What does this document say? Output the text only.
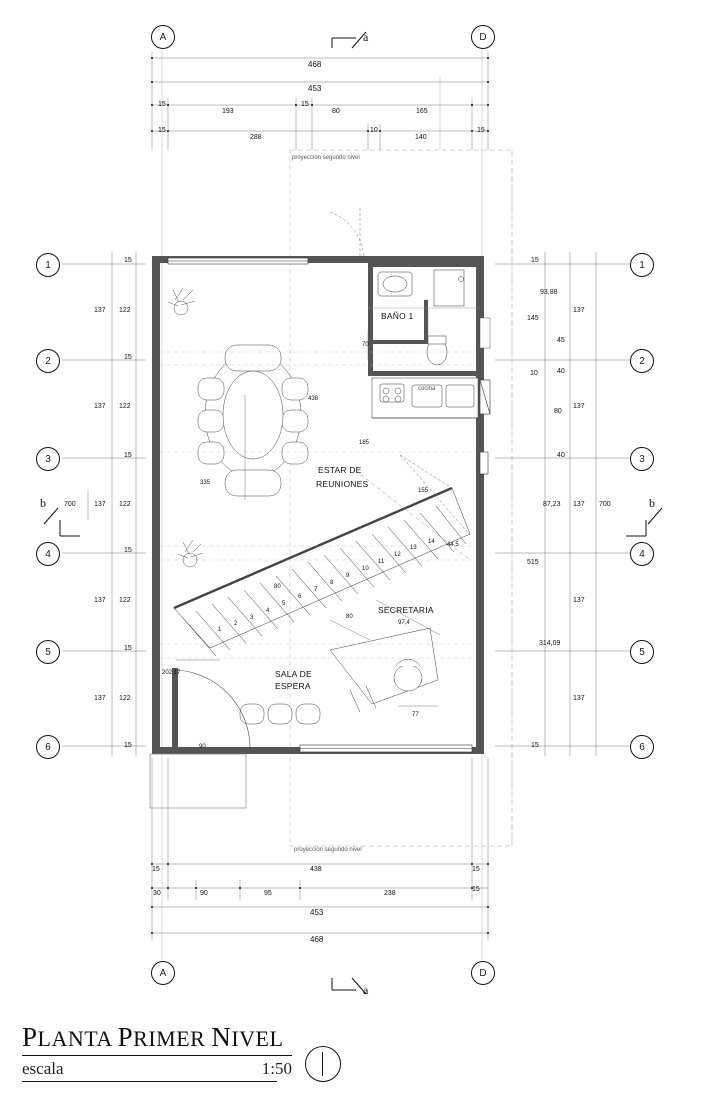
A	D
A	D
1
2
3
4
5
6
1
2
3
4
5
6
a
a
b	b
BAÑO 1
ESTAR DE
REUNIONES
SECRETARIA
SALA DE
ESPERA
proyección segundo nivel
proyección segundo nivel
cocina
468
453
15
193
15
80	165
15
288
10
140
15
15	438	15
30	90	95	238
15
453
468
15
137 122
15
137 122
15
137 122
700
15
137 122
15
137 122
15
15
93,88
137
145
45
10	40
80
137
40
87,23 137 700
515
137
314,09
137
15
70
438
185
335
155
44,5
80
80
97,4
202,17
77
90
1
2
3
4
5
6
7
8
9
10
11
12
13
14
PLANTA PRIMER NIVEL
escala	1:50
